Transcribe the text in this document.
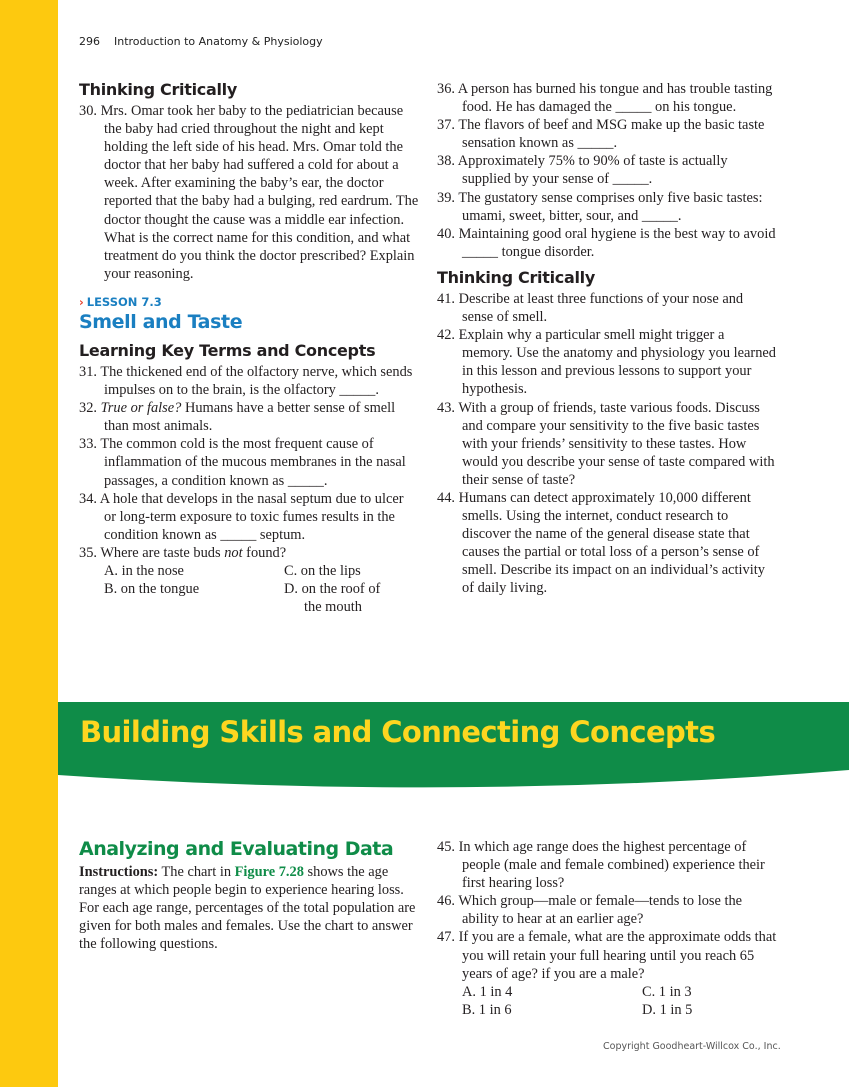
296 Introduction to Anatomy & Physiology
Thinking Critically

30. Mrs. Omar took her baby to the pediatrician because the baby had cried throughout the night and kept holding the left side of his head. Mrs. Omar told the doctor that her baby had suffered a cold for about a week. After examining the baby’s ear, the doctor reported that the baby had a bulging, red eardrum. The doctor thought the cause was a middle ear infection. What is the correct name for this condition, and what treatment do you think the doctor prescribed? Explain your reasoning.

› LESSON 7.3
Smell and Taste
Learning Key Terms and Concepts

31. The thickened end of the olfactory nerve, which sends impulses on to the brain, is the olfactory _____.

32. True or false? Humans have a better sense of smell than most animals.

33. The common cold is the most frequent cause of inflammation of the mucous membranes in the nasal passages, a condition known as _____.

34. A hole that develops in the nasal septum due to ulcer or long-term exposure to toxic fumes results in the condition known as _____ septum.

35. Where are taste buds not found?

A. in the nose	C. on the lips
B. on the tongue	D. on the roof of the mouth

36. A person has burned his tongue and has trouble tasting food. He has damaged the _____ on his tongue.

37. The flavors of beef and MSG make up the basic taste sensation known as _____.

38. Approximately 75% to 90% of taste is actually supplied by your sense of _____.

39. The gustatory sense comprises only five basic tastes: umami, sweet, bitter, sour, and _____.

40. Maintaining good oral hygiene is the best way to avoid _____ tongue disorder.

Thinking Critically

41. Describe at least three functions of your nose and sense of smell.

42. Explain why a particular smell might trigger a memory. Use the anatomy and physiology you learned in this lesson and previous lessons to support your hypothesis.

43. With a group of friends, taste various foods. Discuss and compare your sensitivity to the five basic tastes with your friends’ sensitivity to these tastes. How would you describe your sense of taste compared with their sense of taste?

44. Humans can detect approximately 10,000 different smells. Using the internet, conduct research to discover the name of the general disease state that causes the partial or total loss of a person’s sense of smell. Describe its impact on an individual’s activity of daily living.

Building Skills and Connecting Concepts
Analyzing and Evaluating Data

Instructions: The chart in Figure 7.28 shows the age ranges at which people begin to experience hearing loss. For each age range, percentages of the total population are given for both males and females. Use the chart to answer the following questions.

45. In which age range does the highest percentage of people (male and female combined) experience their first hearing loss?

46. Which group—male or female—tends to lose the ability to hear at an earlier age?

47. If you are a female, what are the approximate odds that you will retain your full hearing until you reach 65 years of age? if you are a male?

A. 1 in 4	C. 1 in 3
B. 1 in 6	D. 1 in 5
Copyright Goodheart-Willcox Co., Inc.
